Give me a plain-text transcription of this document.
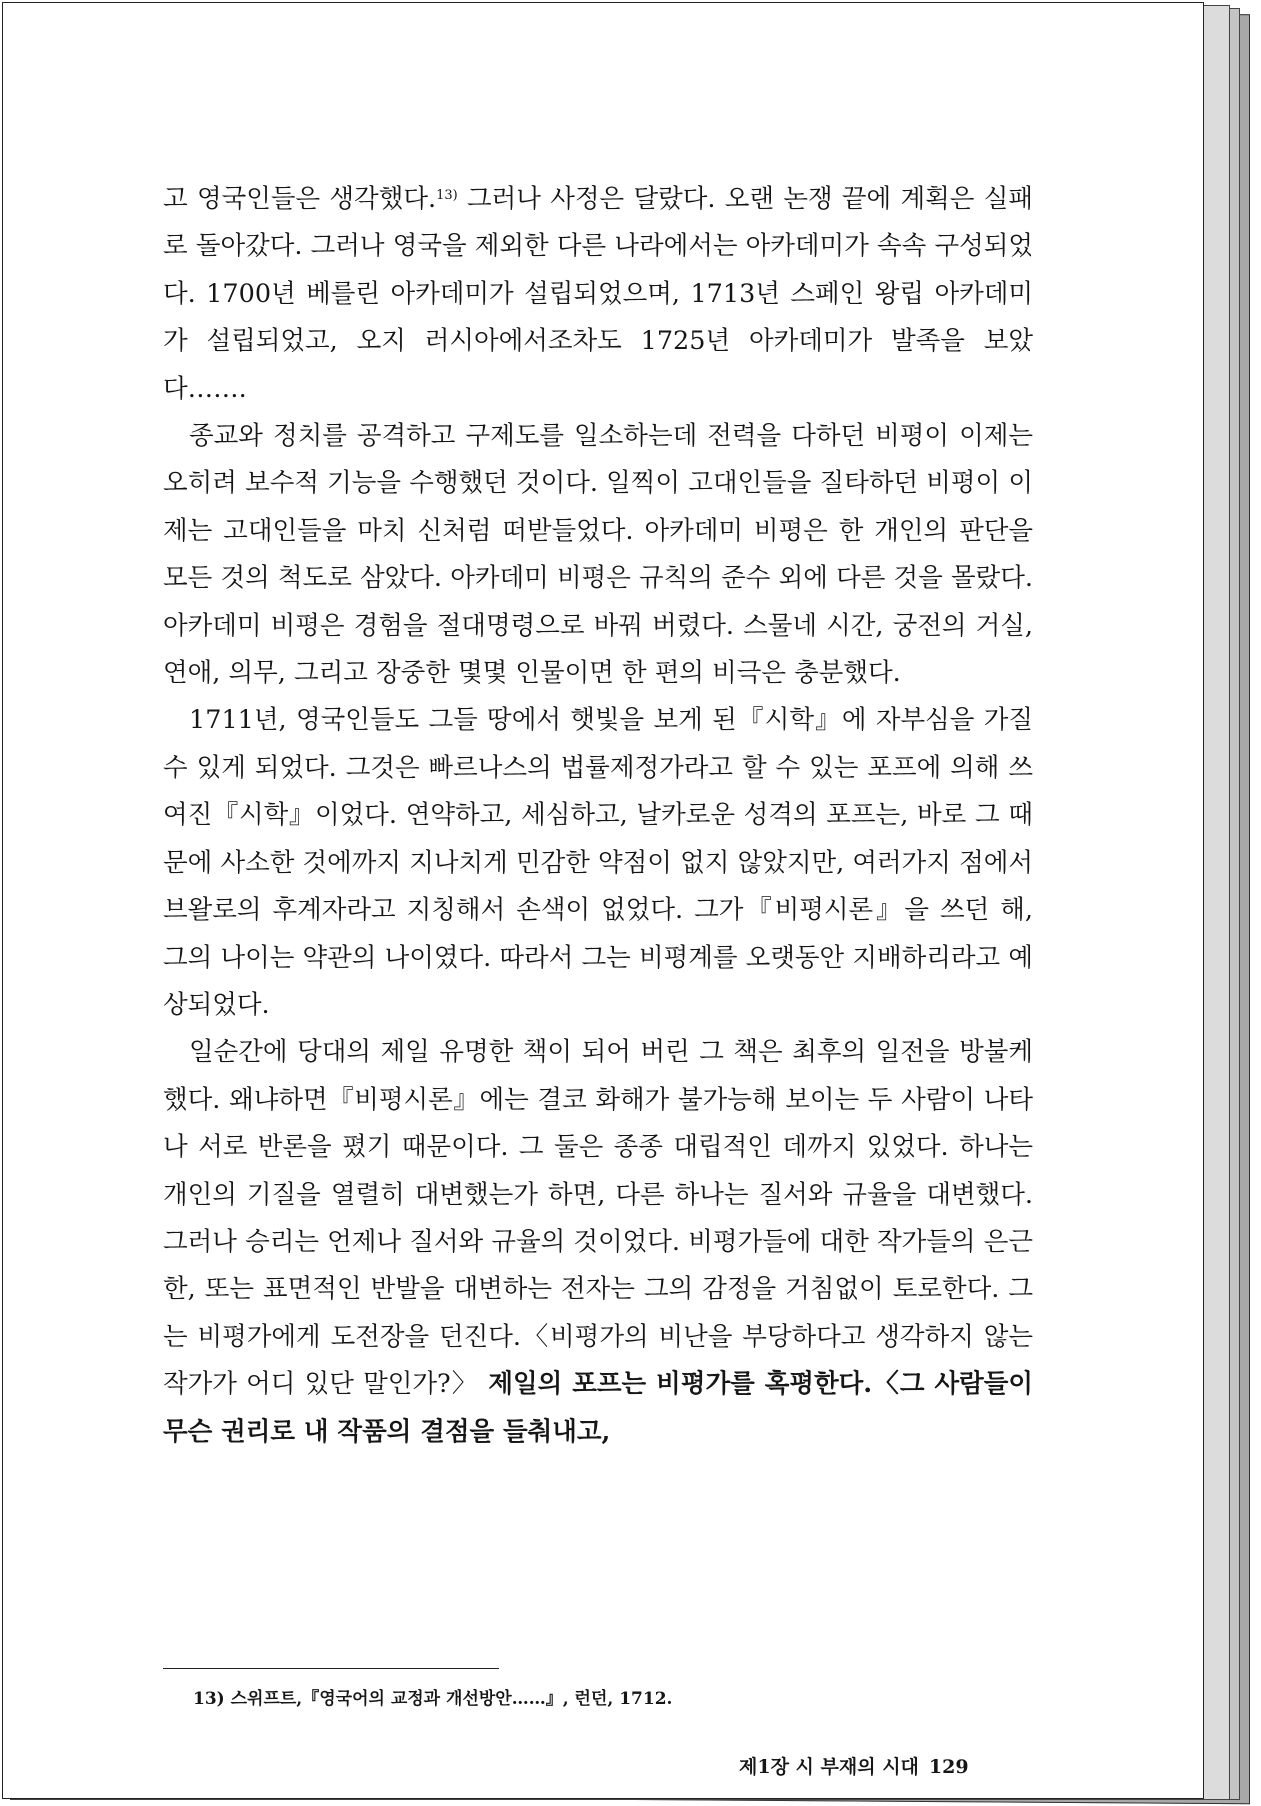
고 영국인들은 생각했다.$^{13)}$ 그러나 사정은 달랐다. 오랜 논쟁 끝에 계획은 실패로 돌아갔다. 그러나 영국을 제외한 다른 나라에서는 아카데미가 속속 구성되었다. 1700년 베를린 아카데미가 설립되었으며, 1713년 스페인 왕립 아카데미가 설립되었고, 오지 러시아에서조차도 1725년 아카데미가 발족을 보았다…….

종교와 정치를 공격하고 구제도를 일소하는데 전력을 다하던 비평이 이제는 오히려 보수적 기능을 수행했던 것이다. 일찍이 고대인들을 질타하던 비평이 이제는 고대인들을 마치 신처럼 떠받들었다. 아카데미 비평은 한 개인의 판단을 모든 것의 척도로 삼았다. 아카데미 비평은 규칙의 준수 외에 다른 것을 몰랐다. 아카데미 비평은 경험을 절대명령으로 바꿔 버렸다. 스물네 시간, 궁전의 거실, 연애, 의무, 그리고 장중한 몇몇 인물이면 한 편의 비극은 충분했다.

1711년, 영국인들도 그들 땅에서 햇빛을 보게 된『시학』에 자부심을 가질 수 있게 되었다. 그것은 빠르나스의 법률제정가라고 할 수 있는 포프에 의해 쓰여진『시학』이었다. 연약하고, 세심하고, 날카로운 성격의 포프는, 바로 그 때문에 사소한 것에까지 지나치게 민감한 약점이 없지 않았지만, 여러가지 점에서 브왈로의 후계자라고 지칭해서 손색이 없었다. 그가『비평시론』을 쓰던 해, 그의 나이는 약관의 나이였다. 따라서 그는 비평계를 오랫동안 지배하리라고 예상되었다.

일순간에 당대의 제일 유명한 책이 되어 버린 그 책은 최후의 일전을 방불케 했다. 왜냐하면『비평시론』에는 결코 화해가 불가능해 보이는 두 사람이 나타나 서로 반론을 폈기 때문이다. 그 둘은 종종 대립적인 데까지 있었다. 하나는 개인의 기질을 열렬히 대변했는가 하면, 다른 하나는 질서와 규율을 대변했다. 그러나 승리는 언제나 질서와 규율의 것이었다. 비평가들에 대한 작가들의 은근한, 또는 표면적인 반발을 대변하는 전자는 그의 감정을 거침없이 토로한다. 그는 비평가에게 도전장을 던진다.〈비평가의 비난을 부당하다고 생각하지 않는 작가가 어디 있단 말인가?〉 제일의 포프는 비평가를 혹평한다.〈그 사람들이 무슨 권리로 내 작품의 결점을 들춰내고,

13) 스위프트,『영국어의 교정과 개선방안……』, 런던, 1712.
제1장 시 부재의 시대 129
